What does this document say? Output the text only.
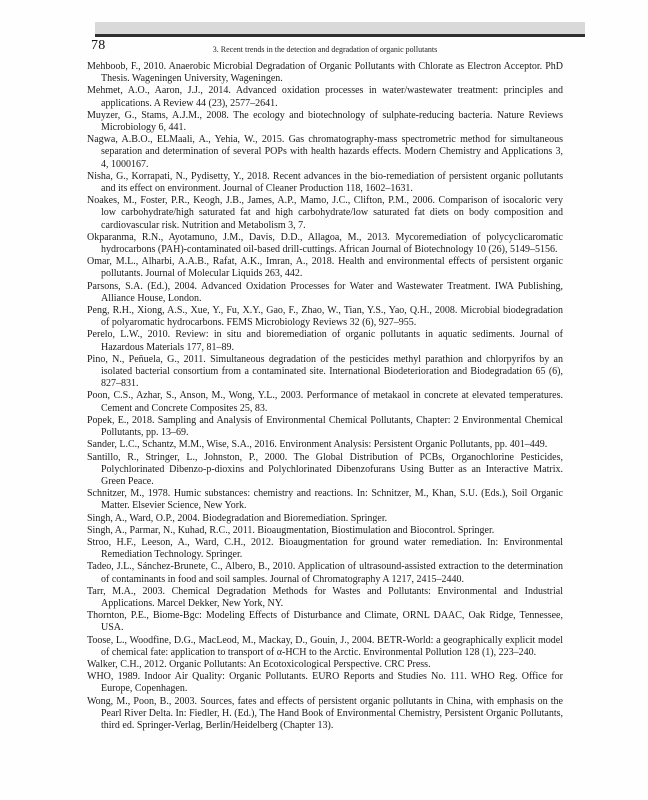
78	3. Recent trends in the detection and degradation of organic pollutants

Mehboob, F., 2010. Anaerobic Microbial Degradation of Organic Pollutants with Chlorate as Electron Acceptor. PhD Thesis. Wageningen University, Wageningen.

Mehmet, A.O., Aaron, J.J., 2014. Advanced oxidation processes in water/wastewater treatment: principles and applications. A Review 44 (23), 2577–2641.

Muyzer, G., Stams, A.J.M., 2008. The ecology and biotechnology of sulphate-reducing bacteria. Nature Reviews Microbiology 6, 441.

Nagwa, A.B.O., ELMaali, A., Yehia, W., 2015. Gas chromatography-mass spectrometric method for simultaneous separation and determination of several POPs with health hazards effects. Modern Chemistry and Applications 3, 4, 1000167.

Nisha, G., Korrapati, N., Pydisetty, Y., 2018. Recent advances in the bio-remediation of persistent organic pollutants and its effect on environment. Journal of Cleaner Production 118, 1602–1631.

Noakes, M., Foster, P.R., Keogh, J.B., James, A.P., Mamo, J.C., Clifton, P.M., 2006. Comparison of isocaloric very low carbohydrate/high saturated fat and high carbohydrate/low saturated fat diets on body composition and cardiovascular risk. Nutrition and Metabolism 3, 7.

Okparanma, R.N., Ayotamuno, J.M., Davis, D.D., Allagoa, M., 2013. Mycoremediation of polycyclicaromatic hydrocarbons (PAH)-contaminated oil-based drill-cuttings. African Journal of Biotechnology 10 (26), 5149–5156.

Omar, M.L., Alharbi, A.A.B., Rafat, A.K., Imran, A., 2018. Health and environmental effects of persistent organic pollutants. Journal of Molecular Liquids 263, 442.

Parsons, S.A. (Ed.), 2004. Advanced Oxidation Processes for Water and Wastewater Treatment. IWA Publishing, Alliance House, London.

Peng, R.H., Xiong, A.S., Xue, Y., Fu, X.Y., Gao, F., Zhao, W., Tian, Y.S., Yao, Q.H., 2008. Microbial biodegradation of polyaromatic hydrocarbons. FEMS Microbiology Reviews 32 (6), 927–955.

Perelo, L.W., 2010. Review: in situ and bioremediation of organic pollutants in aquatic sediments. Journal of Hazardous Materials 177, 81–89.

Pino, N., Peñuela, G., 2011. Simultaneous degradation of the pesticides methyl parathion and chlorpyrifos by an isolated bacterial consortium from a contaminated site. International Biodeterioration and Biodegradation 65 (6), 827–831.

Poon, C.S., Azhar, S., Anson, M., Wong, Y.L., 2003. Performance of metakaol in concrete at elevated temperatures. Cement and Concrete Composites 25, 83.

Popek, E., 2018. Sampling and Analysis of Environmental Chemical Pollutants, Chapter: 2 Environmental Chemical Pollutants, pp. 13–69.

Sander, L.C., Schantz, M.M., Wise, S.A., 2016. Environment Analysis: Persistent Organic Pollutants, pp. 401–449.

Santillo, R., Stringer, L., Johnston, P., 2000. The Global Distribution of PCBs, Organochlorine Pesticides, Polychlorinated Dibenzo-p-dioxins and Polychlorinated Dibenzofurans Using Butter as an Interactive Matrix. Green Peace.

Schnitzer, M., 1978. Humic substances: chemistry and reactions. In: Schnitzer, M., Khan, S.U. (Eds.), Soil Organic Matter. Elsevier Science, New York.

Singh, A., Ward, O.P., 2004. Biodegradation and Bioremediation. Springer.

Singh, A., Parmar, N., Kuhad, R.C., 2011. Bioaugmentation, Biostimulation and Biocontrol. Springer.

Stroo, H.F., Leeson, A., Ward, C.H., 2012. Bioaugmentation for ground water remediation. In: Environmental Remediation Technology. Springer.

Tadeo, J.L., Sánchez-Brunete, C., Albero, B., 2010. Application of ultrasound-assisted extraction to the determination of contaminants in food and soil samples. Journal of Chromatography A 1217, 2415–2440.

Tarr, M.A., 2003. Chemical Degradation Methods for Wastes and Pollutants: Environmental and Industrial Applications. Marcel Dekker, New York, NY.

Thornton, P.E., Biome-Bgc: Modeling Effects of Disturbance and Climate, ORNL DAAC, Oak Ridge, Tennessee, USA.

Toose, L., Woodfine, D.G., MacLeod, M., Mackay, D., Gouin, J., 2004. BETR-World: a geographically explicit model of chemical fate: application to transport of α-HCH to the Arctic. Environmental Pollution 128 (1), 223–240.

Walker, C.H., 2012. Organic Pollutants: An Ecotoxicological Perspective. CRC Press.

WHO, 1989. Indoor Air Quality: Organic Pollutants. EURO Reports and Studies No. 111. WHO Reg. Office for Europe, Copenhagen.

Wong, M., Poon, B., 2003. Sources, fates and effects of persistent organic pollutants in China, with emphasis on the Pearl River Delta. In: Fiedler, H. (Ed.), The Hand Book of Environmental Chemistry, Persistent Organic Pollutants, third ed. Springer-Verlag, Berlin/Heidelberg (Chapter 13).
